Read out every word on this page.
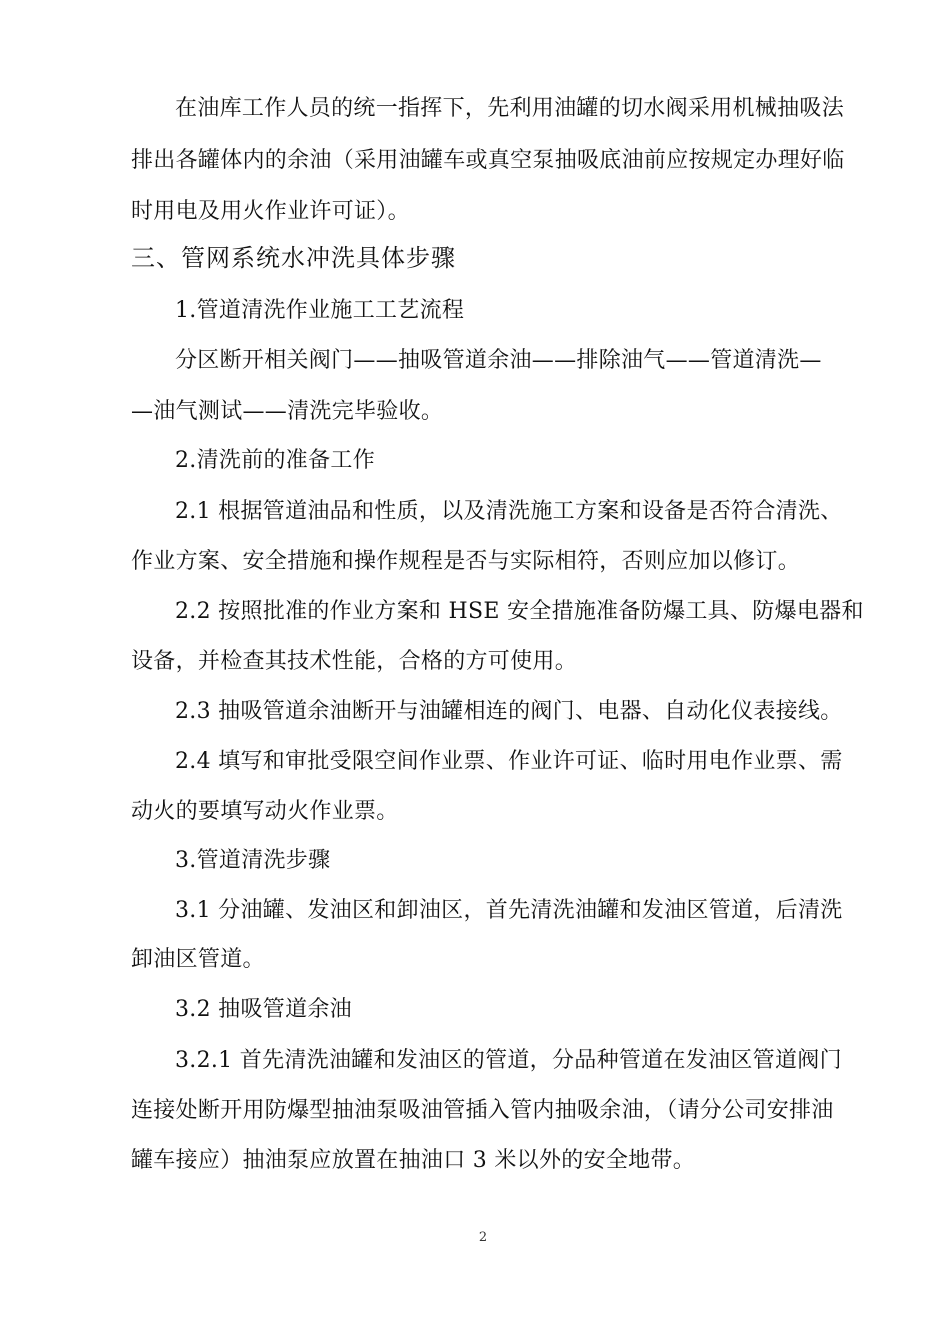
在油库工作人员的统一指挥下，先利用油罐的切水阀采用机械抽吸法
排出各罐体内的余油（采用油罐车或真空泵抽吸底油前应按规定办理好临
时用电及用火作业许可证）。
三、管网系统水冲洗具体步骤
1.管道清洗作业施工工艺流程
分区断开相关阀门——抽吸管道余油——排除油气——管道清洗—
—油气测试——清洗完毕验收。
2.清洗前的准备工作
2.1 根据管道油品和性质，以及清洗施工方案和设备是否符合清洗、
作业方案、安全措施和操作规程是否与实际相符，否则应加以修订。
2.2 按照批准的作业方案和 HSE 安全措施准备防爆工具、防爆电器和
设备，并检查其技术性能，合格的方可使用。
2.3 抽吸管道余油断开与油罐相连的阀门、电器、自动化仪表接线。
2.4 填写和审批受限空间作业票、作业许可证、临时用电作业票、需
动火的要填写动火作业票。
3.管道清洗步骤
3.1 分油罐、发油区和卸油区，首先清洗油罐和发油区管道，后清洗
卸油区管道。
3.2 抽吸管道余油
3.2.1 首先清洗油罐和发油区的管道，分品种管道在发油区管道阀门
连接处断开用防爆型抽油泵吸油管插入管内抽吸余油，（请分公司安排油
罐车接应）抽油泵应放置在抽油口 3 米以外的安全地带。
2
